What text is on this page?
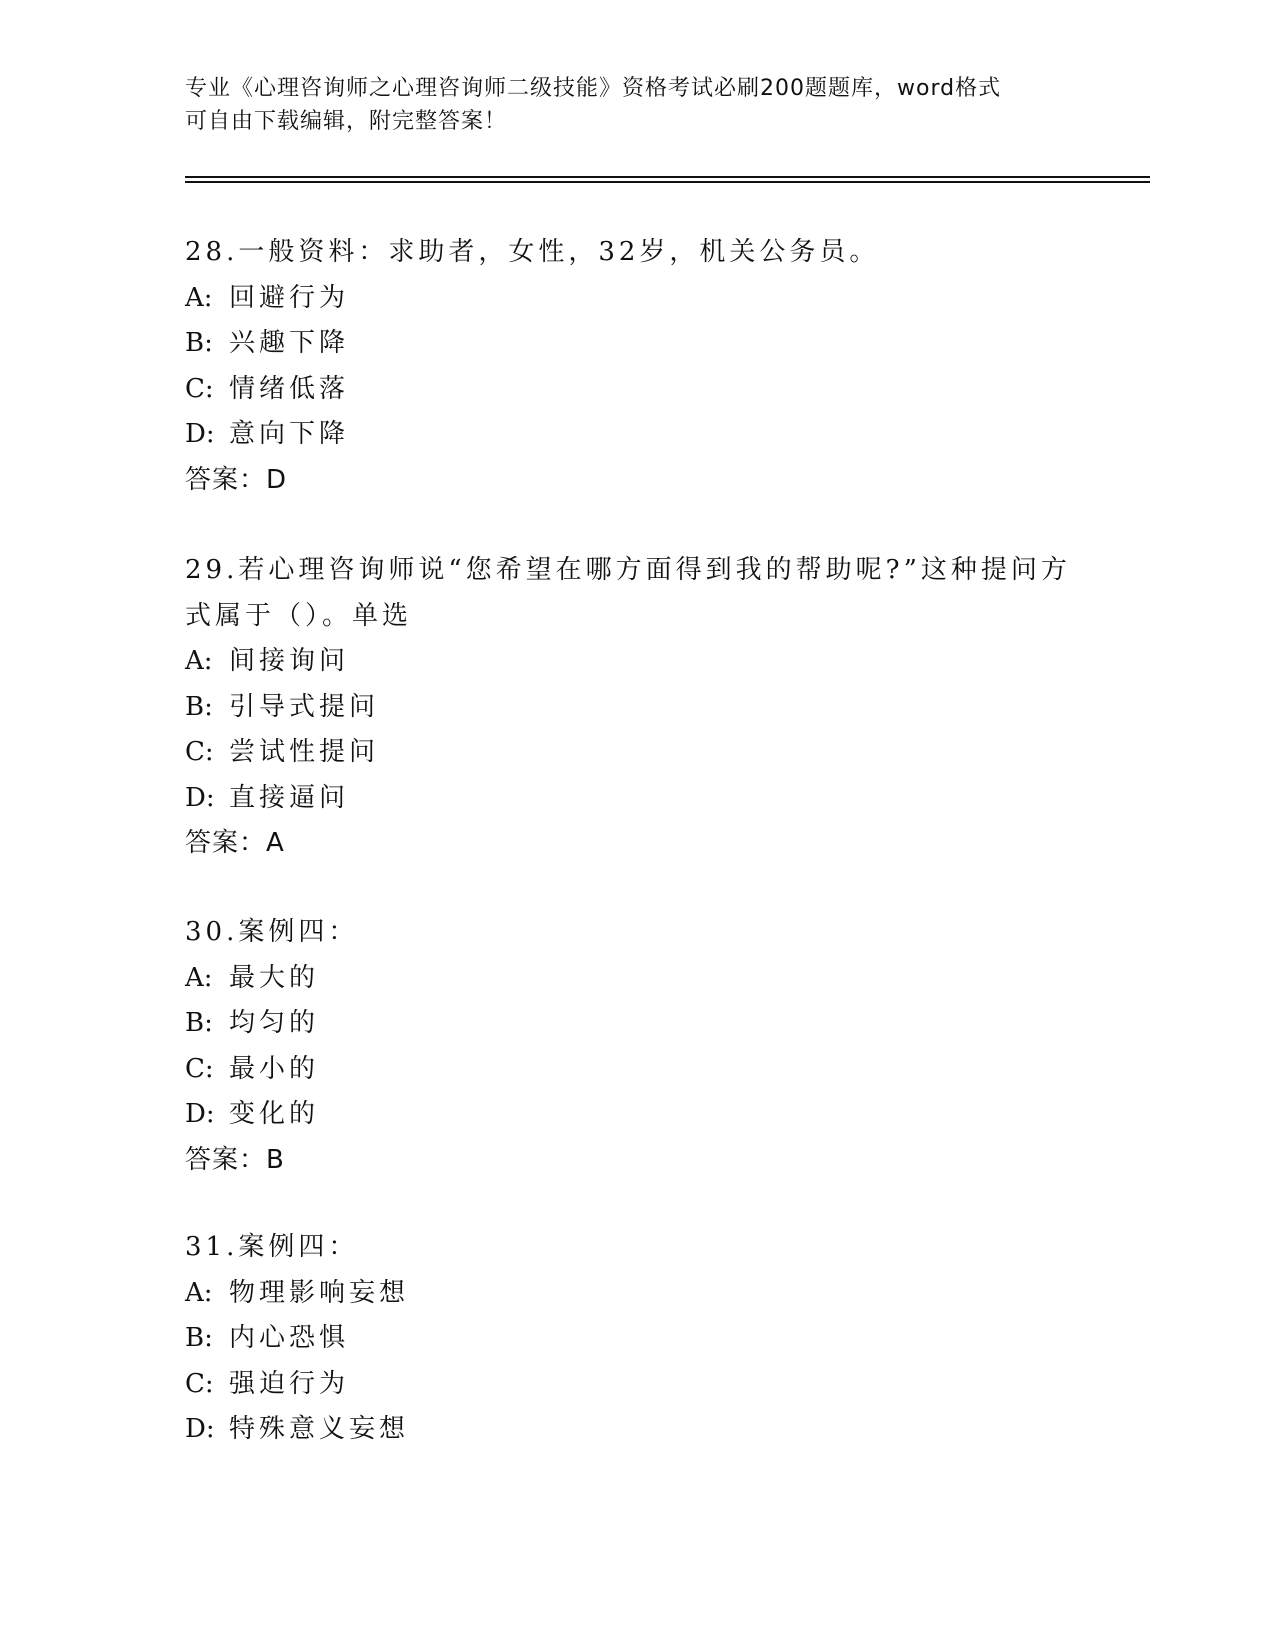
专业《心理咨询师之心理咨询师二级技能》资格考试必刷200题题库，word格式
可自由下载编辑，附完整答案！
28.一般资料：求助者，女性，32岁，机关公务员。
A: 回避行为
B: 兴趣下降
C: 情绪低落
D: 意向下降
答案：D
29.若心理咨询师说“您希望在哪方面得到我的帮助呢?”这种提问方
式属于（）。单选
A: 间接询问
B: 引导式提问
C: 尝试性提问
D: 直接逼问
答案：A
30.案例四：
A: 最大的
B: 均匀的
C: 最小的
D: 变化的
答案：B
31.案例四：
A: 物理影响妄想
B: 内心恐惧
C: 强迫行为
D: 特殊意义妄想
